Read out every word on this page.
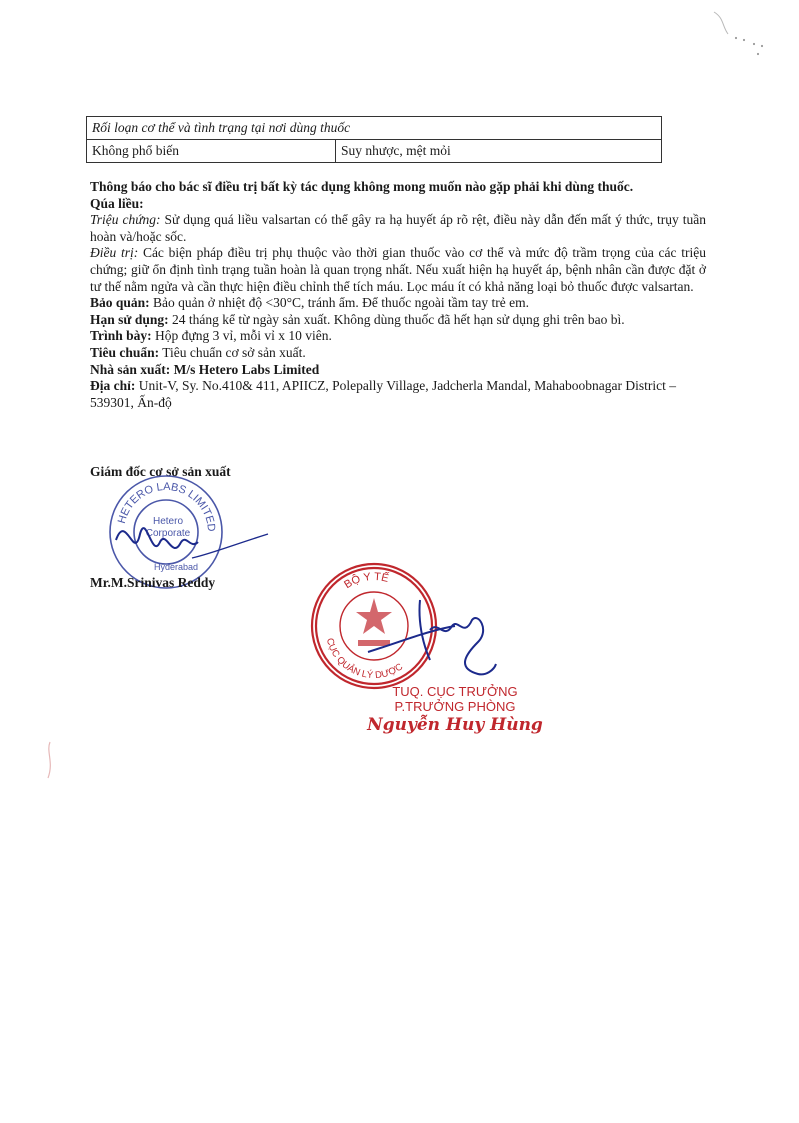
Rối loạn cơ thể và tình trạng tại nơi dùng thuốc
Không phổ biến	Suy nhược, mệt mỏi

Thông báo cho bác sĩ điều trị bất kỳ tác dụng không mong muốn nào gặp phải khi dùng thuốc.

Qúa liều:

Triệu chứng: Sử dụng quá liều valsartan có thể gây ra hạ huyết áp rõ rệt, điều này dẫn đến mất ý thức, trụy tuần hoàn và/hoặc sốc.

Điều trị: Các biện pháp điều trị phụ thuộc vào thời gian thuốc vào cơ thể và mức độ trầm trọng của các triệu chứng; giữ ổn định tình trạng tuần hoàn là quan trọng nhất. Nếu xuất hiện hạ huyết áp, bệnh nhân cần được đặt ở tư thế nằm ngửa và cần thực hiện điều chỉnh thể tích máu. Lọc máu ít có khả năng loại bỏ thuốc được valsartan.

Bảo quản: Bảo quản ở nhiệt độ <30°C, tránh ẩm. Để thuốc ngoài tầm tay trẻ em.

Hạn sử dụng: 24 tháng kể từ ngày sản xuất. Không dùng thuốc đã hết hạn sử dụng ghi trên bao bì.

Trình bày: Hộp đựng 3 vỉ, mỗi vỉ x 10 viên.

Tiêu chuẩn: Tiêu chuẩn cơ sở sản xuất.

Nhà sản xuất: M/s Hetero Labs Limited

Địa chỉ: Unit-V, Sy. No.410& 411, APIICZ, Polepally Village, Jadcherla Mandal, Mahaboobnagar District – 539301, Ấn-độ

Giám đốc cơ sở sản xuất
HETERO LABS LIMITED
Hetero
Corporate
Hyderabad
Mr.M.Srinivas Reddy	BỘ Y TẾ
CỤC QUẢN LÝ DƯỢC
TUQ. CỤC TRƯỞNG
P.TRƯỞNG PHÒNG
Nguyễn Huy Hùng
